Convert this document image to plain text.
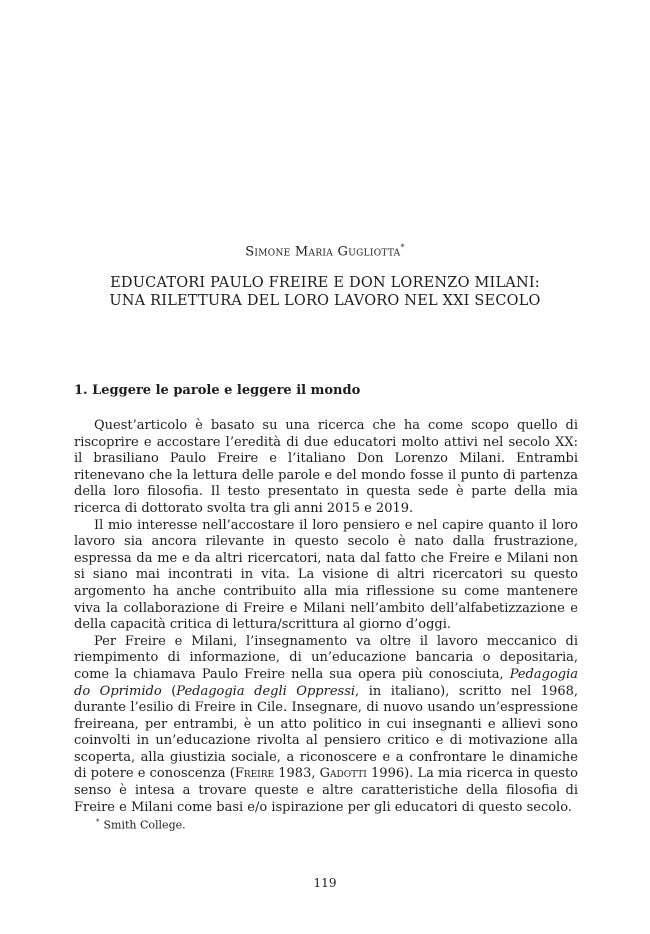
Simone Maria Gugliotta*
EDUCATORI PAULO FREIRE E DON LORENZO MILANI:
UNA RILETTURA DEL LORO LAVORO NEL XXI SECOLO
1. Leggere le parole e leggere il mondo

Quest’articolo è basato su una ricerca che ha come scopo quello di riscoprire e accostare l’eredità di due educatori molto attivi nel secolo XX: il brasiliano Paulo Freire e l’italiano Don Lorenzo Milani. Entrambi ritenevano che la lettura delle parole e del mondo fosse il punto di partenza della loro filosofia. Il testo presentato in questa sede è parte della mia ricerca di dottorato svolta tra gli anni 2015 e 2019.

Il mio interesse nell’accostare il loro pensiero e nel capire quanto il loro lavoro sia ancora rilevante in questo secolo è nato dalla frustrazione, espressa da me e da altri ricercatori, nata dal fatto che Freire e Milani non si siano mai incontrati in vita. La visione di altri ricercatori su questo argomento ha anche contribuito alla mia riflessione su come mantenere viva la collaborazione di Freire e Milani nell’ambito dell’alfabetizzazione e della capacità critica di lettura/scrittura al giorno d’oggi.

Per Freire e Milani, l’insegnamento va oltre il lavoro meccanico di riempimento di informazione, di un’educazione bancaria o depositaria, come la chiamava Paulo Freire nella sua opera più conosciuta, Pedagogia do Oprimido (Pedagogia degli Oppressi, in italiano), scritto nel 1968, durante l’esilio di Freire in Cile. Insegnare, di nuovo usando un’espressione freireana, per entrambi, è un atto politico in cui insegnanti e allievi sono coinvolti in un’educazione rivolta al pensiero critico e di motivazione alla scoperta, alla giustizia sociale, a riconoscere e a confrontare le dinamiche di potere e conoscenza (Freire 1983, Gadotti 1996). La mia ricerca in questo senso è intesa a trovare queste e altre caratteristiche della filosofia di Freire e Milani come basi e/o ispirazione per gli educatori di questo secolo.

* Smith College.
119
